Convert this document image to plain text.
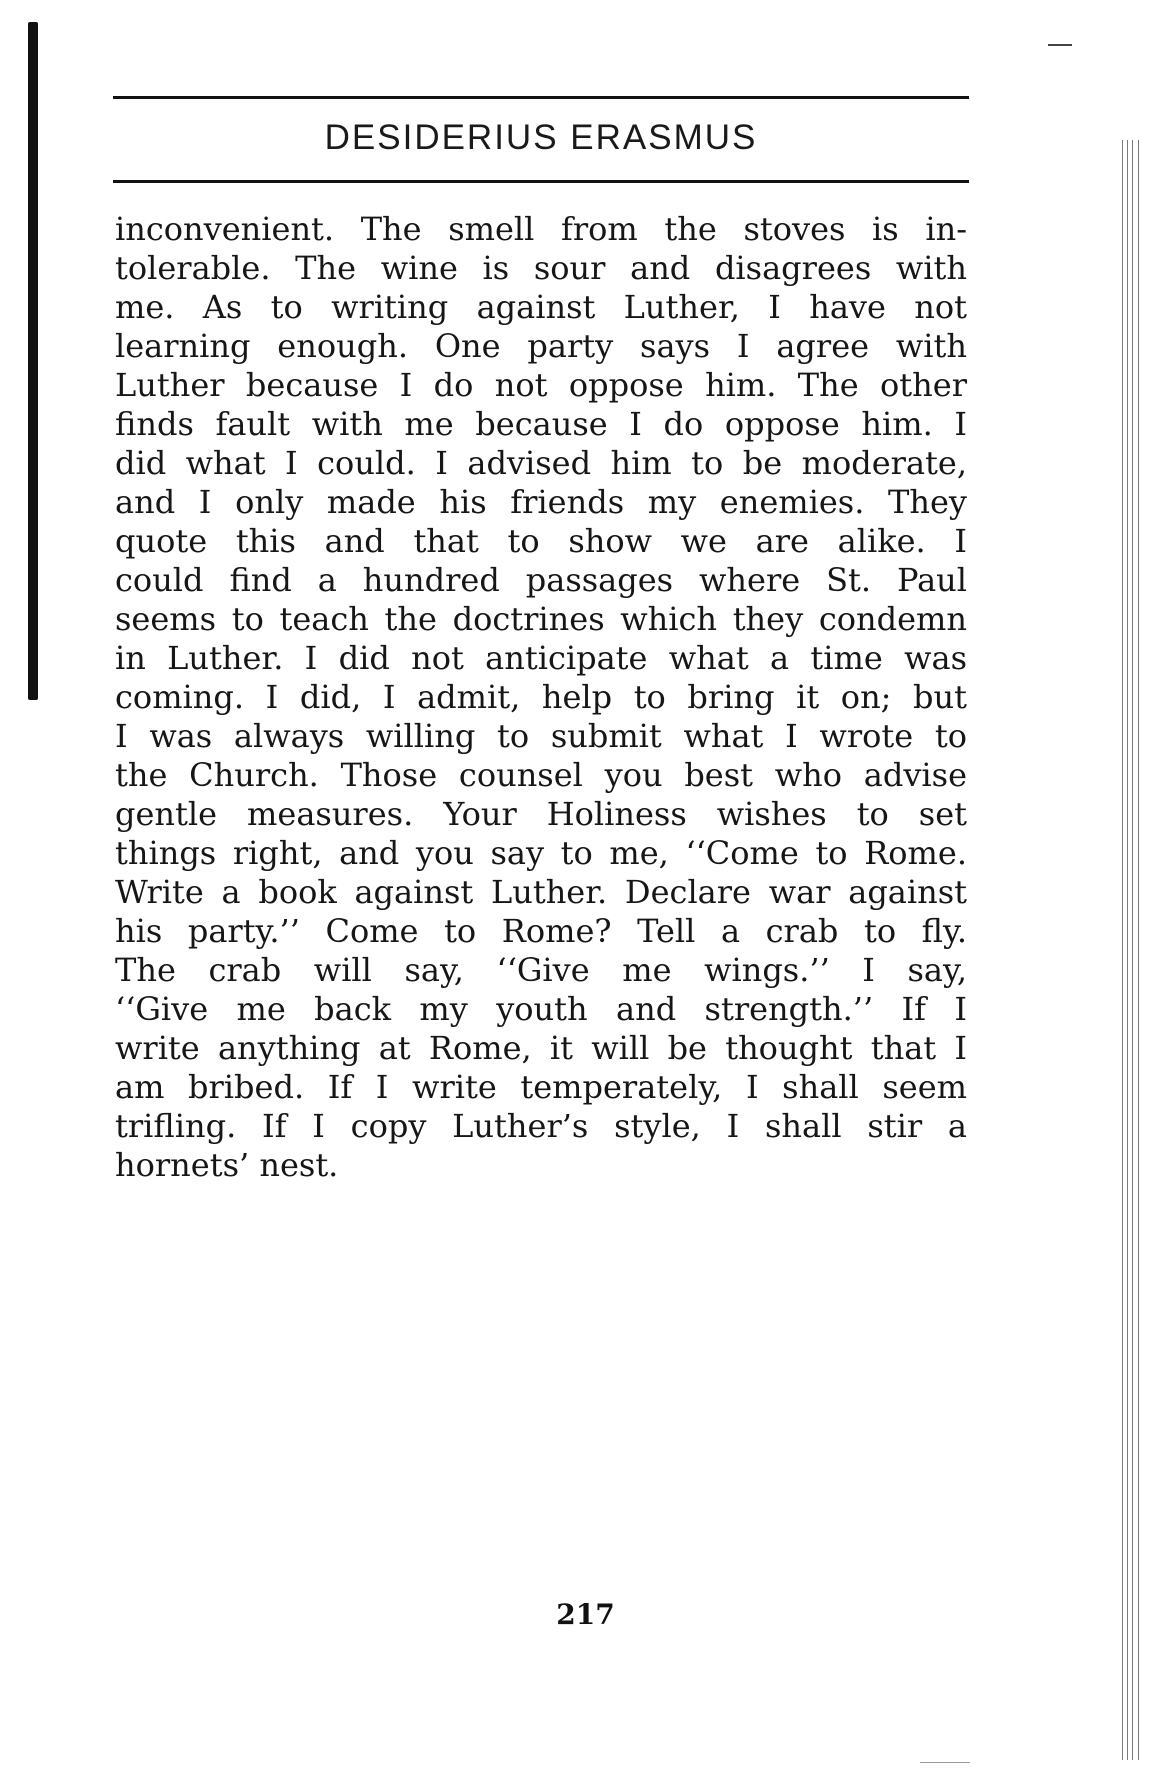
DESIDERIUS ERASMUS
inconvenient. The smell from the stoves is in-
tolerable. The wine is sour and disagrees with
me. As to writing against Luther, I have not
learning enough. One party says I agree with
Luther because I do not oppose him. The other
finds fault with me because I do oppose him. I
did what I could. I advised him to be moderate,
and I only made his friends my enemies. They
quote this and that to show we are alike. I
could find a hundred passages where St. Paul
seems to teach the doctrines which they condemn
in Luther. I did not anticipate what a time was
coming. I did, I admit, help to bring it on; but
I was always willing to submit what I wrote to
the Church. Those counsel you best who advise
gentle measures. Your Holiness wishes to set
things right, and you say to me, ‘‘Come to Rome.
Write a book against Luther. Declare war against
his party.’’ Come to Rome? Tell a crab to fly.
The crab will say, ‘‘Give me wings.’’ I say,
‘‘Give me back my youth and strength.’’ If I
write anything at Rome, it will be thought that I
am bribed. If I write temperately, I shall seem
trifling. If I copy Luther’s style, I shall stir a
hornets’ nest.
217
